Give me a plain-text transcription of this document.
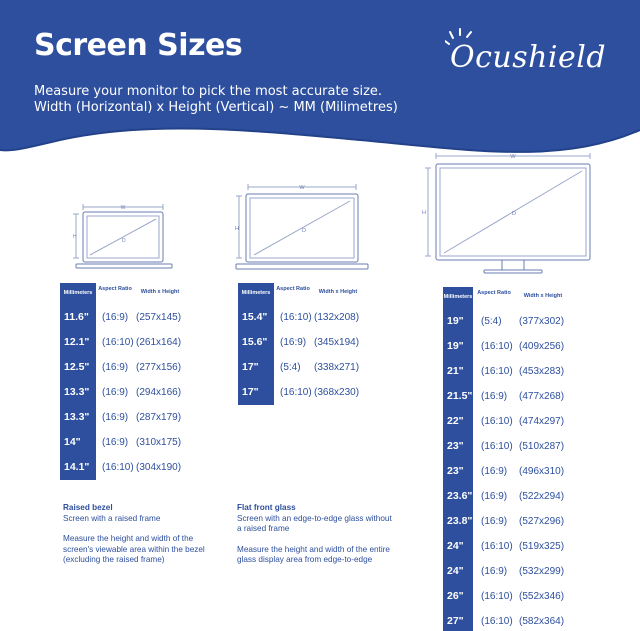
Screen Sizes
Measure your monitor to pick the most accurate size.
Width (Horizontal) x Height (Vertical) ~ MM (Milimetres)
Ocushield
W
H
D
W
H	D
W
H	D
Millimeters
Aspect Ratio	Width x Height
11.6"	(16:9) (257x145)
12.1"	(16:10) (261x164)
12.5"	(16:9) (277x156)
13.3"	(16:9) (294x166)
13.3"	(16:9) (287x179)
14"	(16:9) (310x175)
14.1"	(16:10) (304x190)
Millimeters
Aspect Ratio	Width x Height
15.4"	(16:10) (132x208)
15.6"	(16:9) (345x194)
17"	(5:4) (338x271)
17"	(16:10) (368x230)
Millimeters
Aspect Ratio	Width x Height
19"	(5:4) (377x302)
19"	(16:10) (409x256)
21"	(16:10) (453x283)
21.5" (16:9) (477x268)
22"	(16:10) (474x297)
23"	(16:10) (510x287)
23"	(16:9) (496x310)
23.6" (16:9) (522x294)
23.8" (16:9) (527x296)
24"	(16:10) (519x325)
24"	(16:9) (532x299)
26"	(16:10) (552x346)
27"	(16:10) (582x364)
Raised bezel
Screen with a raised frame
Measure the height and width of the screen's viewable area within the bezel (excluding the raised frame)
Flat front glass
Screen with an edge-to-edge glass without a raised frame
Measure the height and width of the entire glass display area from edge-to-edge
